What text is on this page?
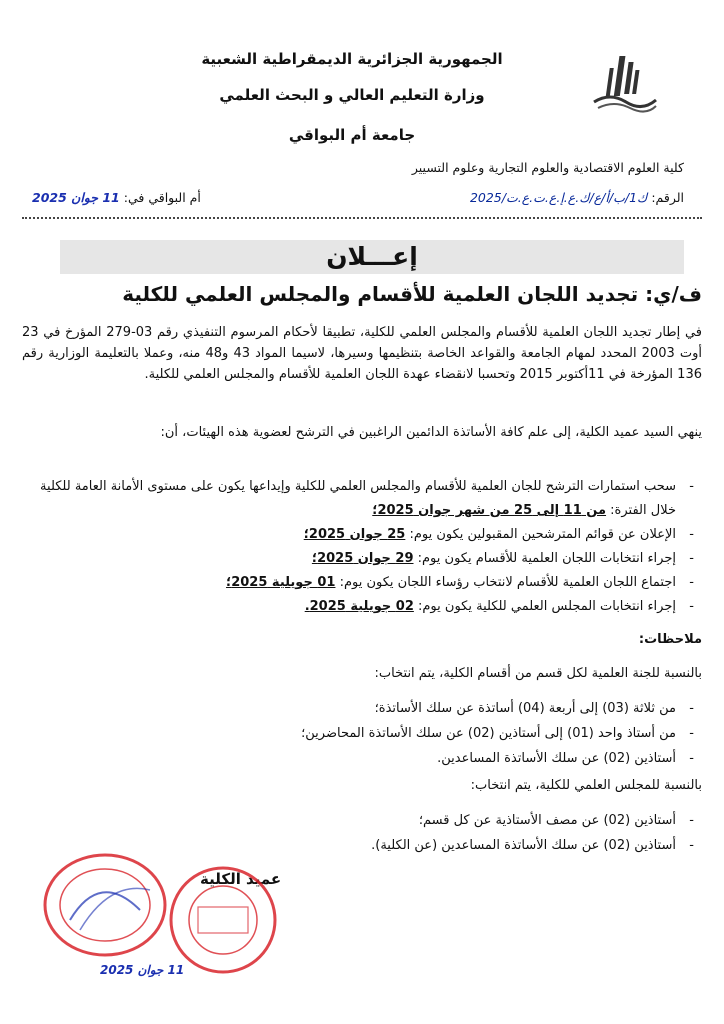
الجمهورية الجزائرية الديمقراطية الشعبية
وزارة التعليم العالي و البحث العلمي
جامعة أم البواقي
كلية العلوم الاقتصادية والعلوم التجارية وعلوم التسيير
الرقم: ك1/ب/أ/ع/ك.ع.إ.ع.ت.ع.ت/2025
أم البواقي في: 11 جوان 2025
إعـــلان
ف/ي: تجديد اللجان العلمية للأقسام والمجلس العلمي للكلية
في إطار تجديد اللجان العلمية للأقسام والمجلس العلمي للكلية، تطبيقا لأحكام المرسوم التنفيذي رقم 03-279 المؤرخ في 23 أوت 2003 المحدد لمهام الجامعة والقواعد الخاصة بتنظيمها وسيرها، لاسيما المواد 43 و48 منه، وعملا بالتعليمة الوزارية رقم 136 المؤرخة في 11أكتوبر 2015 وتحسبا لانقضاء عهدة اللجان العلمية للأقسام والمجلس العلمي للكلية.
ينهي السيد عميد الكلية، إلى علم كافة الأساتذة الدائمين الراغبين في الترشح لعضوية هذه الهيئات، أن:
-
سحب استمارات الترشح للجان العلمية للأقسام والمجلس العلمي للكلية وإيداعها يكون على مستوى الأمانة العامة للكلية خلال الفترة: من 11 إلى 25 من شهر جوان 2025؛
-
الإعلان عن قوائم المترشحين المقبولين يكون يوم: 25 جوان 2025؛
-
إجراء انتخابات اللجان العلمية للأقسام يكون يوم: 29 جوان 2025؛
-
اجتماع اللجان العلمية للأقسام لانتخاب رؤساء اللجان يكون يوم: 01 جويلية 2025؛
-
إجراء انتخابات المجلس العلمي للكلية يكون يوم: 02 جويلية 2025.
ملاحظات:
بالنسبة للجنة العلمية لكل قسم من أقسام الكلية، يتم انتخاب:
-
من ثلاثة (03) إلى أربعة (04) أساتذة عن سلك الأساتذة؛
-
من أستاذ واحد (01) إلى أستاذين (02) عن سلك الأساتذة المحاضرين؛
-
أستاذين (02) عن سلك الأساتذة المساعدين.
بالنسبة للمجلس العلمي للكلية، يتم انتخاب:
-
أستاذين (02) عن مصف الأستاذية عن كل قسم؛
-
أستاذين (02) عن سلك الأساتذة المساعدين (عن الكلية).
عميد الكلية
11 جوان 2025
